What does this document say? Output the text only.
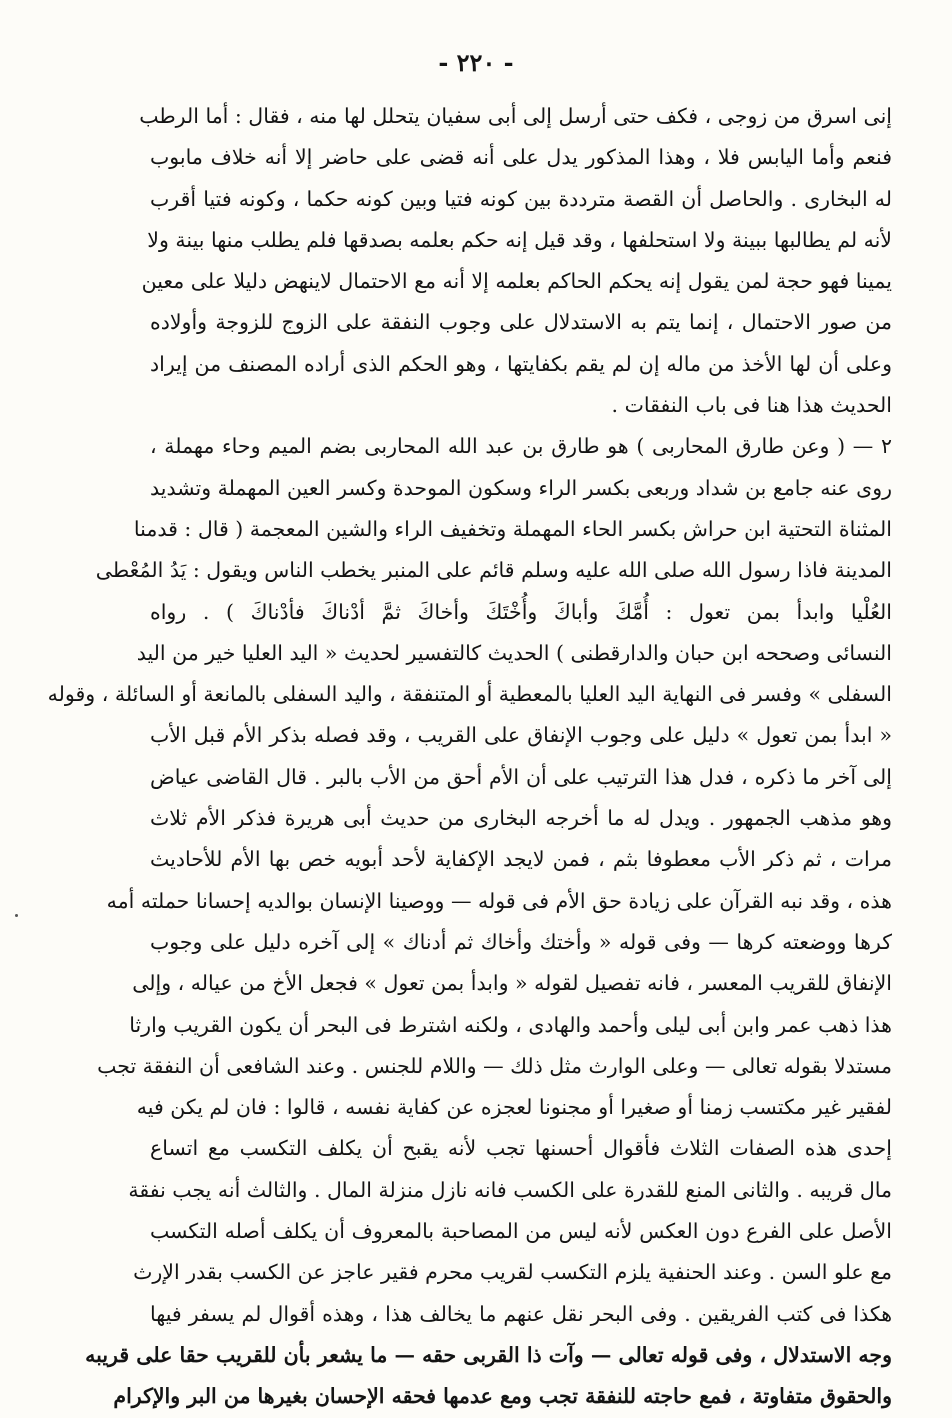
- ٢٢٠ -
إنى اسرق من زوجى ، فكف حتى أرسل إلى أبى سفيان يتحلل لها منه ، فقال : أما الرطب
فنعم وأما اليابس فلا ، وهذا المذكور يدل على أنه قضى على حاضر إلا أنه خلاف مابوب
له البخارى . والحاصل أن القصة مترددة بين كونه فتيا وبين كونه حكما ، وكونه فتيا أقرب
لأنه لم يطالبها ببينة ولا استحلفها ، وقد قيل إنه حكم بعلمه بصدقها فلم يطلب منها بينة ولا
يمينا فهو حجة لمن يقول إنه يحكم الحاكم بعلمه إلا أنه مع الاحتمال لاينهض دليلا على معين
من صور الاحتمال ، إنما يتم به الاستدلال على وجوب النفقة على الزوج للزوجة وأولاده
وعلى أن لها الأخذ من ماله إن لم يقم بكفايتها ، وهو الحكم الذى أراده المصنف من إيراد
الحديث هذا هنا فى باب النفقات .
٢ — ( وعن طارق المحاربى ) هو طارق بن عبد الله المحاربى بضم الميم وحاء مهملة ،
روى عنه جامع بن شداد وربعى بكسر الراء وسكون الموحدة وكسر العين المهملة وتشديد
المثناة التحتية ابن حراش بكسر الحاء المهملة وتخفيف الراء والشين المعجمة ( قال : قدمنا
المدينة فاذا رسول الله صلى الله عليه وسلم قائم على المنبر يخطب الناس ويقول : يَدُ المُعْطى
العُلْيا وابدأ بمن تعول : أُمَّكَ وأباكَ وأُخْتَكَ وأخاكَ ثمَّ أدْناكَ فأدْناكَ ) . رواه
النسائى وصححه ابن حبان والدارقطنى ) الحديث كالتفسير لحديث « اليد العليا خير من اليد
السفلى » وفسر فى النهاية اليد العليا بالمعطية أو المتنفقة ، واليد السفلى بالمانعة أو السائلة ، وقوله
« ابدأ بمن تعول » دليل على وجوب الإنفاق على القريب ، وقد فصله بذكر الأم قبل الأب
إلى آخر ما ذكره ، فدل هذا الترتيب على أن الأم أحق من الأب بالبر . قال القاضى عياض
وهو مذهب الجمهور . ويدل له ما أخرجه البخارى من حديث أبى هريرة فذكر الأم ثلاث
مرات ، ثم ذكر الأب معطوفا بثم ، فمن لايجد الإكفاية لأحد أبويه خص بها الأم للأحاديث
هذه ، وقد نبه القرآن على زيادة حق الأم فى قوله — ووصينا الإنسان بوالديه إحسانا حملته أمه
كرها ووضعته كرها — وفى قوله « وأختك وأخاك ثم أدناك » إلى آخره دليل على وجوب
الإنفاق للقريب المعسر ، فانه تفصيل لقوله « وابدأ بمن تعول » فجعل الأخ من عياله ، وإلى
هذا ذهب عمر وابن أبى ليلى وأحمد والهادى ، ولكنه اشترط فى البحر أن يكون القريب وارثا
مستدلا بقوله تعالى — وعلى الوارث مثل ذلك — واللام للجنس . وعند الشافعى أن النفقة تجب
لفقير غير مكتسب زمنا أو صغيرا أو مجنونا لعجزه عن كفاية نفسه ، قالوا : فان لم يكن فيه
إحدى هذه الصفات الثلاث فأقوال أحسنها تجب لأنه يقبح أن يكلف التكسب مع اتساع
مال قريبه . والثانى المنع للقدرة على الكسب فانه نازل منزلة المال . والثالث أنه يجب نفقة
الأصل على الفرع دون العكس لأنه ليس من المصاحبة بالمعروف أن يكلف أصله التكسب
مع علو السن . وعند الحنفية يلزم التكسب لقريب محرم فقير عاجز عن الكسب بقدر الإرث
هكذا فى كتب الفريقين . وفى البحر نقل عنهم ما يخالف هذا ، وهذه أقوال لم يسفر فيها
وجه الاستدلال ، وفى قوله تعالى — وآت ذا القربى حقه — ما يشعر بأن للقريب حقا على قريبه
والحقوق متفاوتة ، فمع حاجته للنفقة تجب ومع عدمها فحقه الإحسان بغيرها من البر والإكرام
